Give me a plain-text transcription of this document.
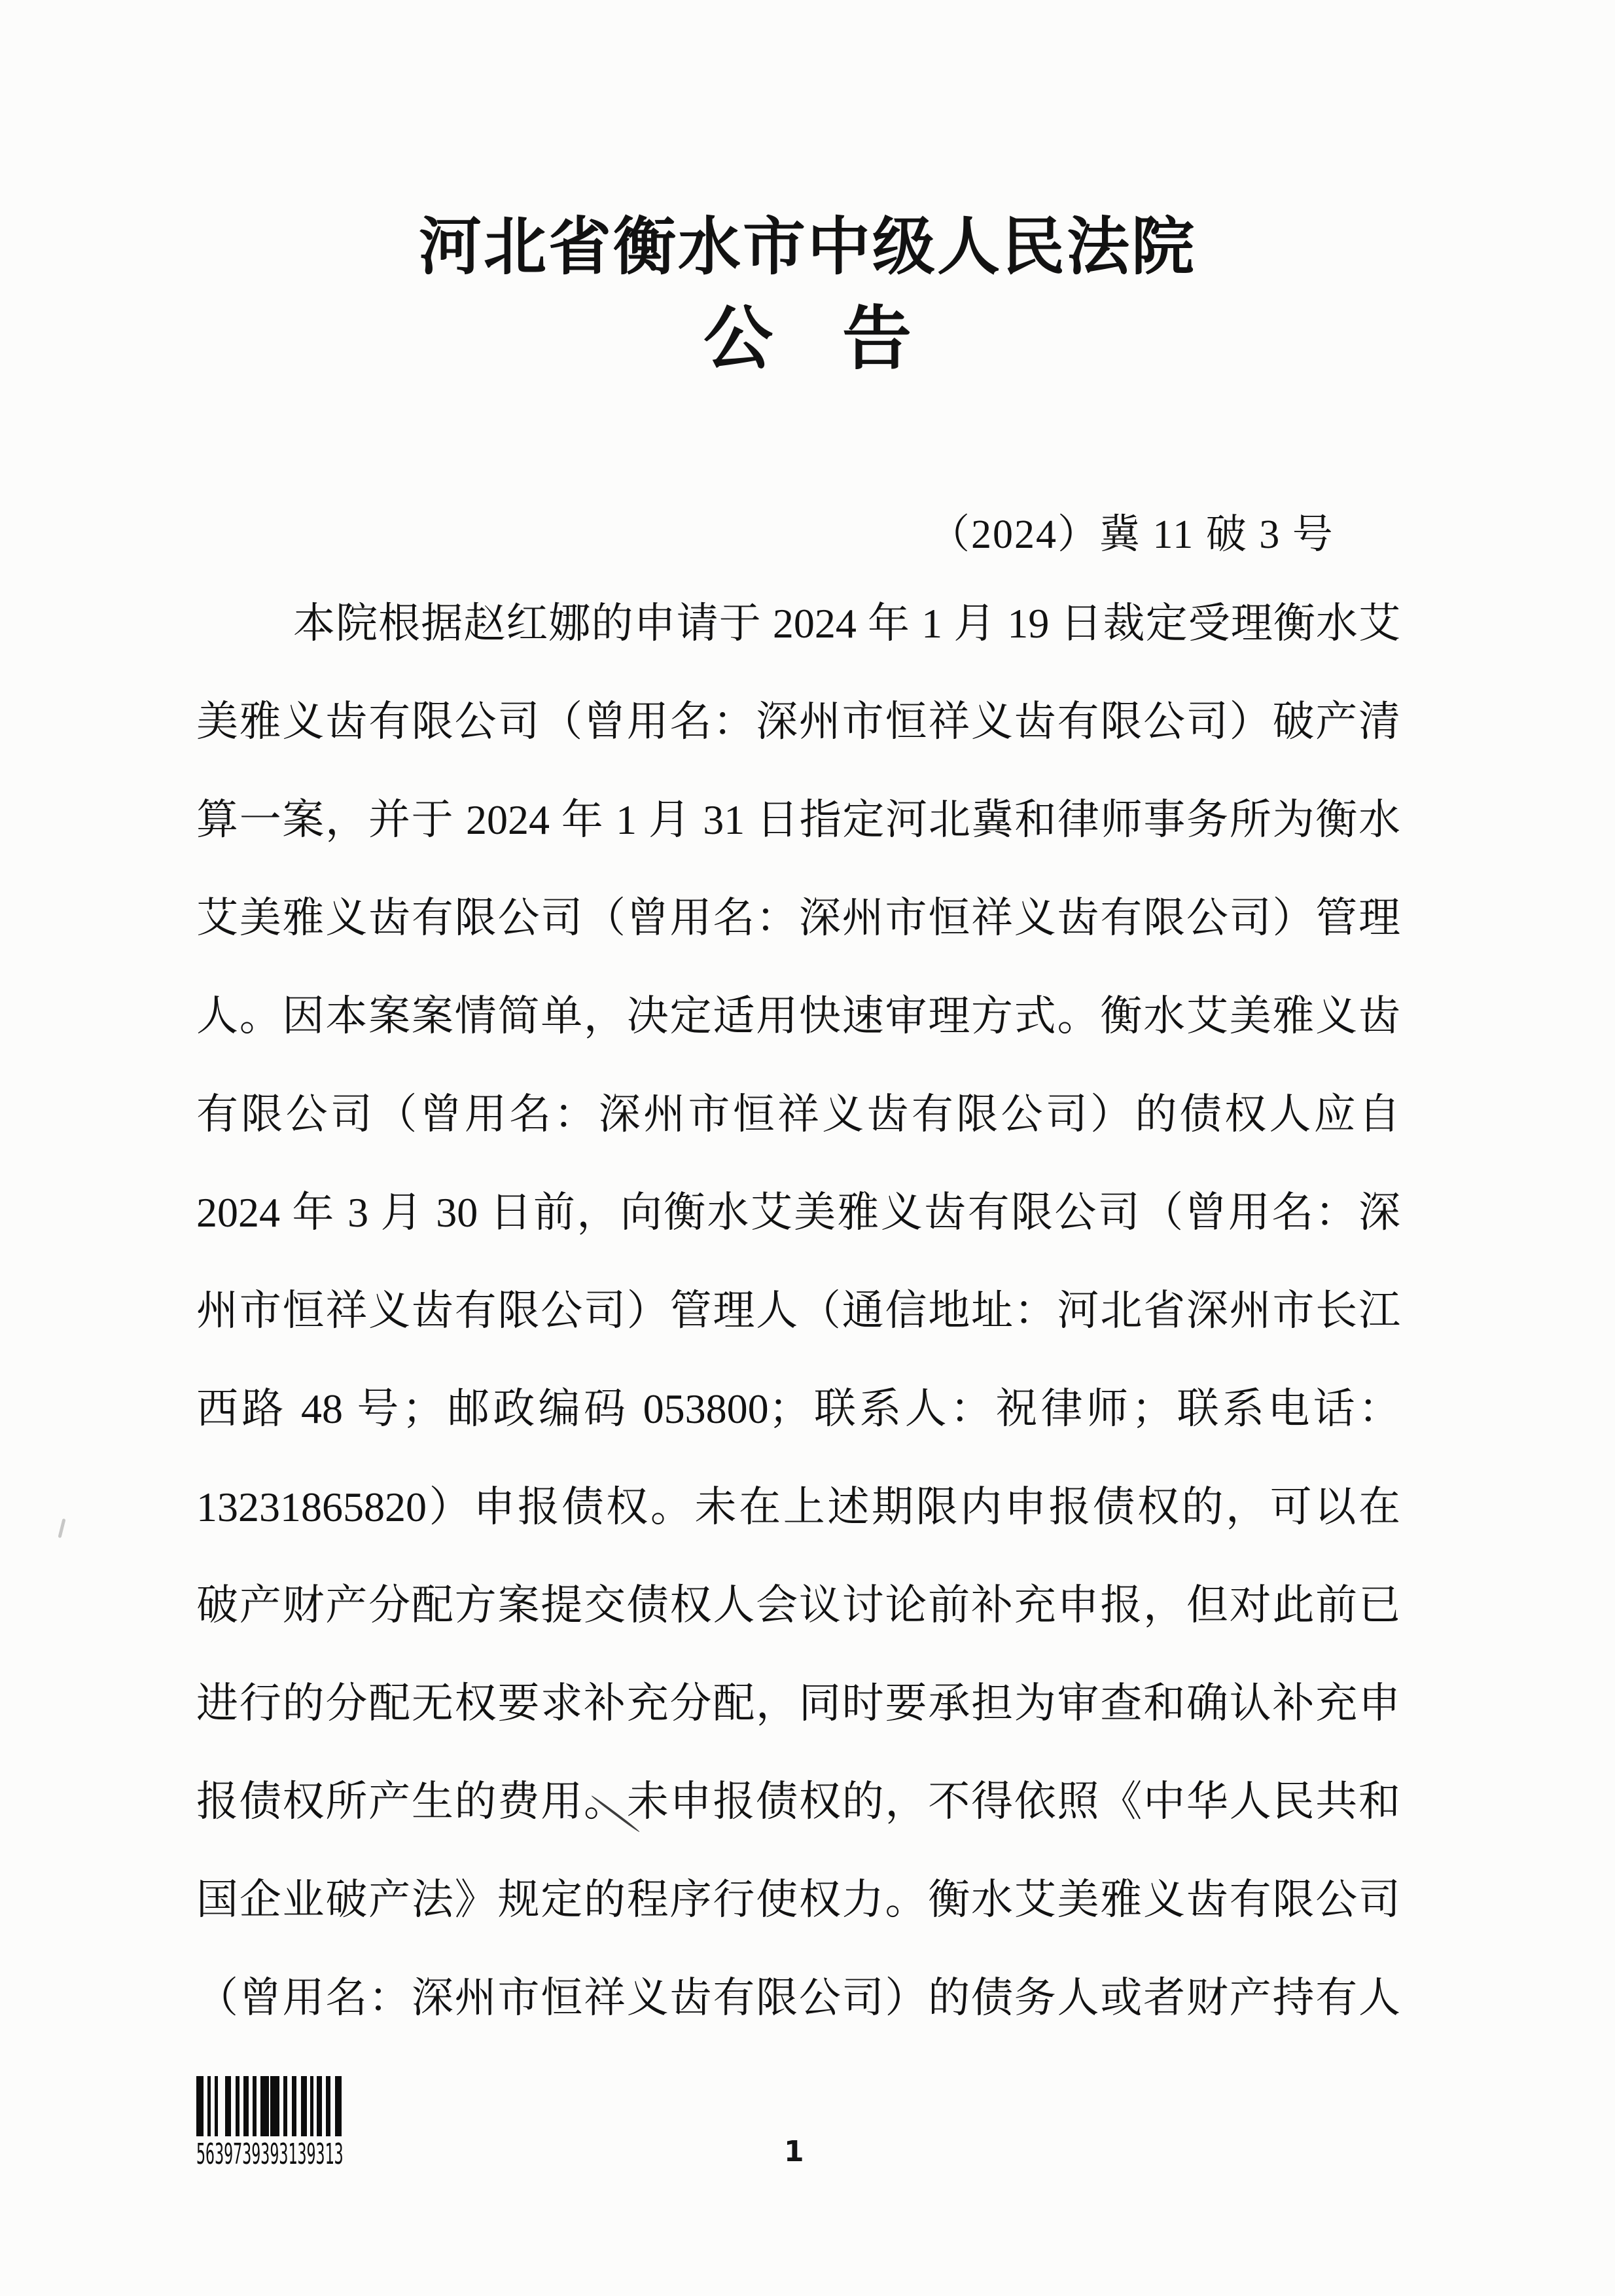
河北省衡水市中级人民法院
公　告
（2024）冀 11 破 3 号
本院根据赵红娜的申请于 2024 年 1 月 19 日裁定受理衡水艾
美雅义齿有限公司（曾用名：深州市恒祥义齿有限公司）破产清
算一案，并于 2024 年 1 月 31 日指定河北冀和律师事务所为衡水
艾美雅义齿有限公司（曾用名：深州市恒祥义齿有限公司）管理
人。因本案案情简单，决定适用快速审理方式。衡水艾美雅义齿
有限公司（曾用名：深州市恒祥义齿有限公司）的债权人应自
2024 年 3 月 30 日前，向衡水艾美雅义齿有限公司（曾用名：深
州市恒祥义齿有限公司）管理人（通信地址：河北省深州市长江
西路 48 号；邮政编码 053800；联系人：祝律师；联系电话：
13231865820）申报债权。未在上述期限内申报债权的，可以在
破产财产分配方案提交债权人会议讨论前补充申报，但对此前已
进行的分配无权要求补充分配，同时要承担为审查和确认补充申
报债权所产生的费用。未申报债权的，不得依照《中华人民共和
国企业破产法》规定的程序行使权力。衡水艾美雅义齿有限公司
（曾用名：深州市恒祥义齿有限公司）的债务人或者财产持有人
5639739393139313	1
